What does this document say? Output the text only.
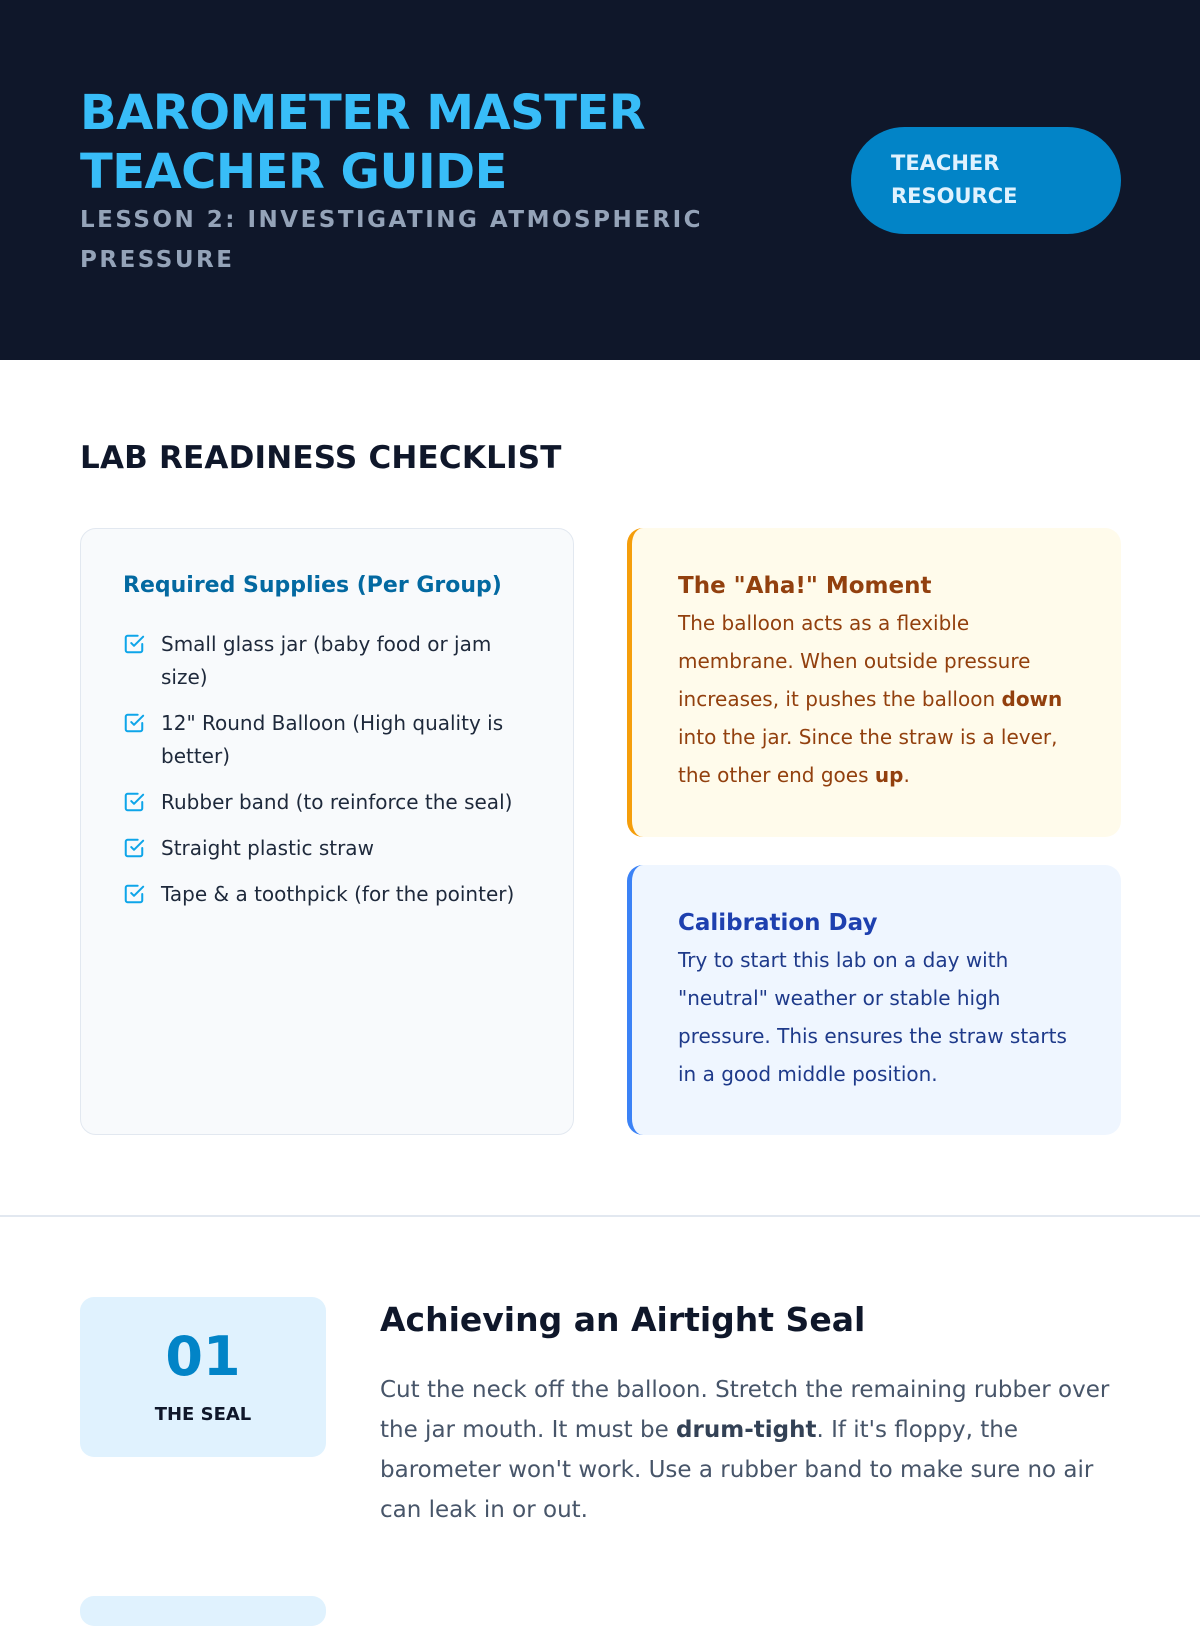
BAROMETER MASTER TEACHER GUIDE
LESSON 2: INVESTIGATING ATMOSPHERIC PRESSURE
TEACHER RESOURCE
LAB READINESS CHECKLIST
Required Supplies (Per Group)
Small glass jar (baby food or jam size)
12" Round Balloon (High quality is better)
Rubber band (to reinforce the seal)
Straight plastic straw
Tape & a toothpick (for the pointer)
The "Aha!" Moment

The balloon acts as a flexible membrane. When outside pressure increases, it pushes the balloon down into the jar. Since the straw is a lever, the other end goes up.

Calibration Day

Try to start this lab on a day with "neutral" weather or stable high pressure. This ensures the straw starts in a good middle position.

01
THE SEAL
Achieving an Airtight Seal

Cut the neck off the balloon. Stretch the remaining rubber over the jar mouth. It must be drum-tight. If it's floppy, the barometer won't work. Use a rubber band to make sure no air can leak in or out.
